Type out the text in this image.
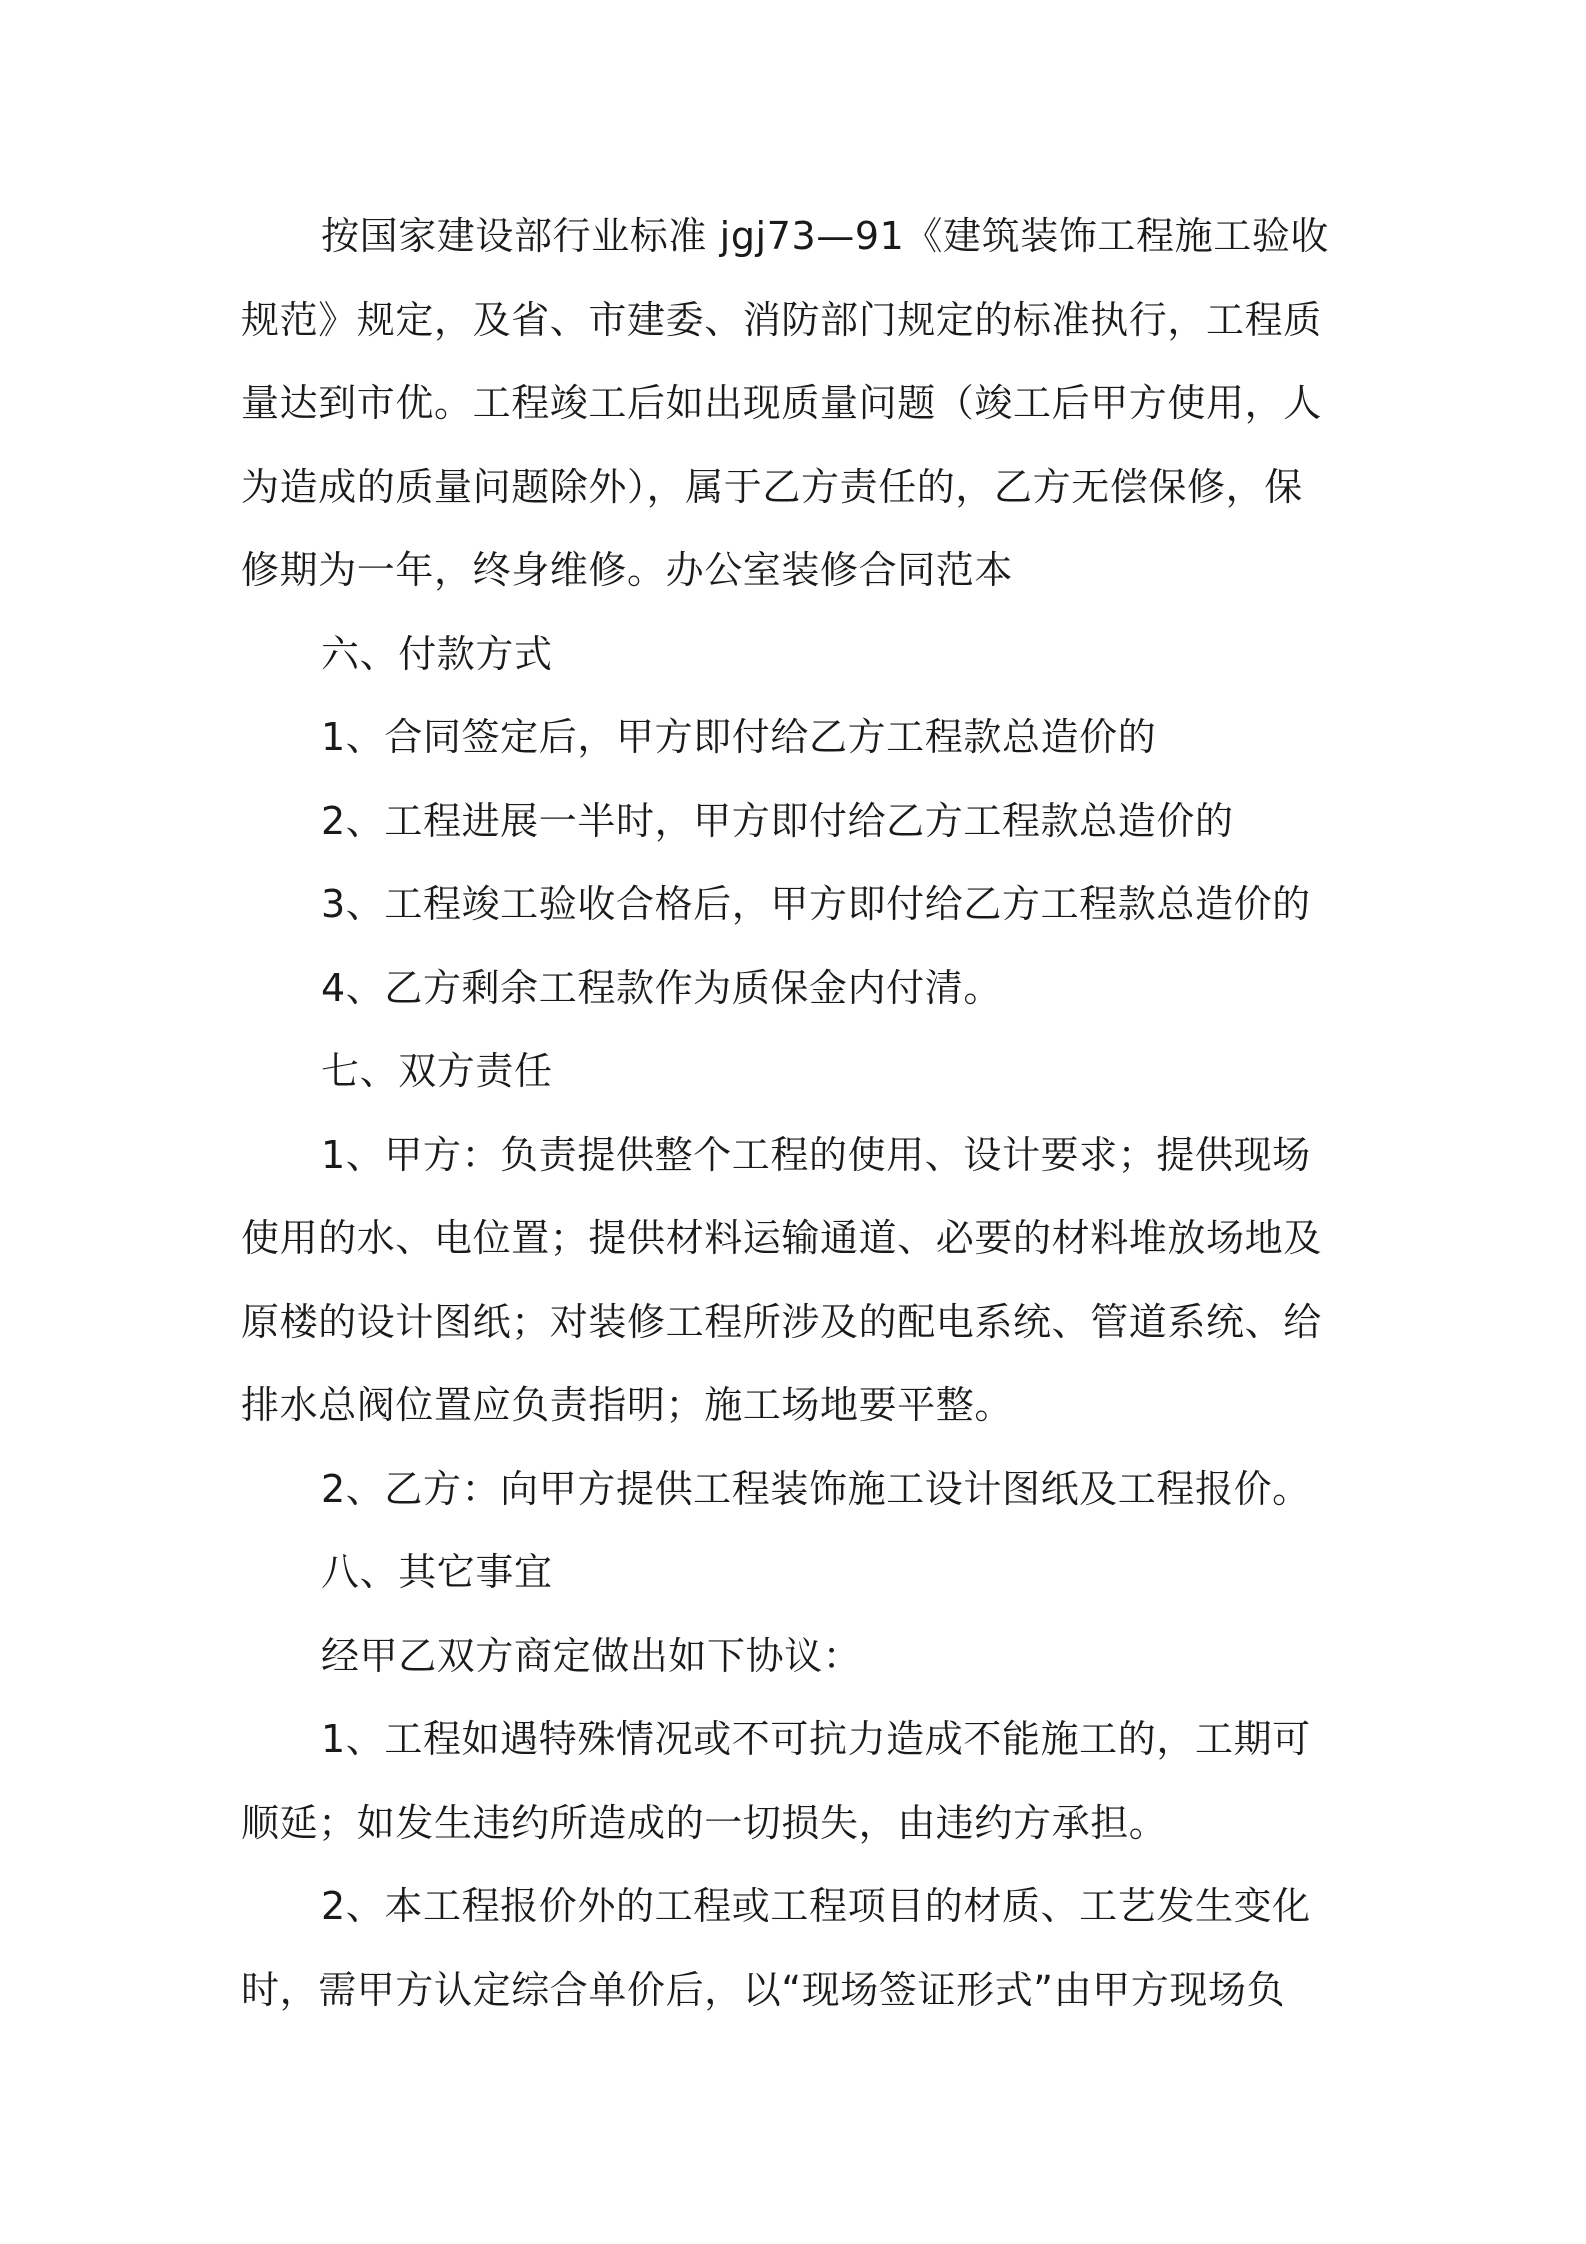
按国家建设部行业标准 jgj73—91《建筑装饰工程施工验收
规范》规定，及省、市建委、消防部门规定的标准执行，工程质
量达到市优。工程竣工后如出现质量问题（竣工后甲方使用，人
为造成的质量问题除外），属于乙方责任的，乙方无偿保修，保
修期为一年，终身维修。办公室装修合同范本
六、付款方式
1、合同签定后，甲方即付给乙方工程款总造价的
2、工程进展一半时，甲方即付给乙方工程款总造价的
3、工程竣工验收合格后，甲方即付给乙方工程款总造价的
4、乙方剩余工程款作为质保金内付清。
七、双方责任
1、甲方：负责提供整个工程的使用、设计要求；提供现场
使用的水、电位置；提供材料运输通道、必要的材料堆放场地及
原楼的设计图纸；对装修工程所涉及的配电系统、管道系统、给
排水总阀位置应负责指明；施工场地要平整。
2、乙方：向甲方提供工程装饰施工设计图纸及工程报价。
八、其它事宜
经甲乙双方商定做出如下协议：
1、工程如遇特殊情况或不可抗力造成不能施工的，工期可
顺延；如发生违约所造成的一切损失，由违约方承担。
2、本工程报价外的工程或工程项目的材质、工艺发生变化
时，需甲方认定综合单价后，以“现场签证形式”由甲方现场负
